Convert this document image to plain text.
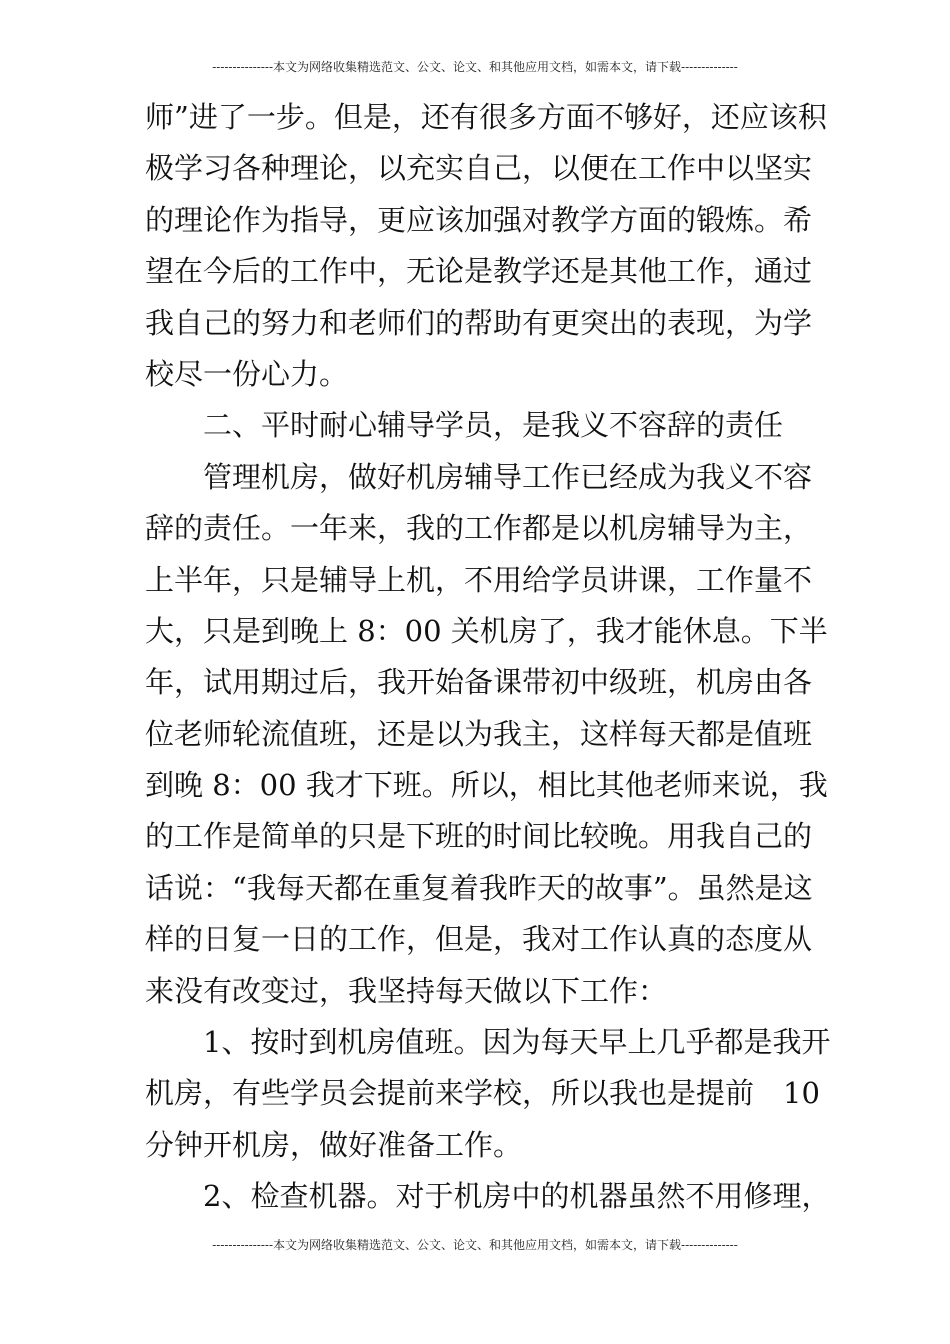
---------------本文为网络收集精选范文、公文、论文、和其他应用文档，如需本文，请下载--------------
师”进了一步。但是，还有很多方面不够好，还应该积
极学习各种理论，以充实自己，以便在工作中以坚实
的理论作为指导，更应该加强对教学方面的锻炼。希
望在今后的工作中，无论是教学还是其他工作，通过
我自己的努力和老师们的帮助有更突出的表现，为学
校尽一份心力。
二、平时耐心辅导学员，是我义不容辞的责任
管理机房，做好机房辅导工作已经成为我义不容
辞的责任。一年来，我的工作都是以机房辅导为主，
上半年，只是辅导上机，不用给学员讲课，工作量不
大，只是到晚上 8：00 关机房了，我才能休息。下半
年，试用期过后，我开始备课带初中级班，机房由各
位老师轮流值班，还是以为我主，这样每天都是值班
到晚 8：00 我才下班。所以，相比其他老师来说，我
的工作是简单的只是下班的时间比较晚。用我自己的
话说：“我每天都在重复着我昨天的故事”。虽然是这
样的日复一日的工作，但是，我对工作认真的态度从
来没有改变过，我坚持每天做以下工作：
1、按时到机房值班。因为每天早上几乎都是我开
机房，有些学员会提前来学校，所以我也是提前　10
分钟开机房，做好准备工作。
2、检查机器。对于机房中的机器虽然不用修理，
---------------本文为网络收集精选范文、公文、论文、和其他应用文档，如需本文，请下载--------------
